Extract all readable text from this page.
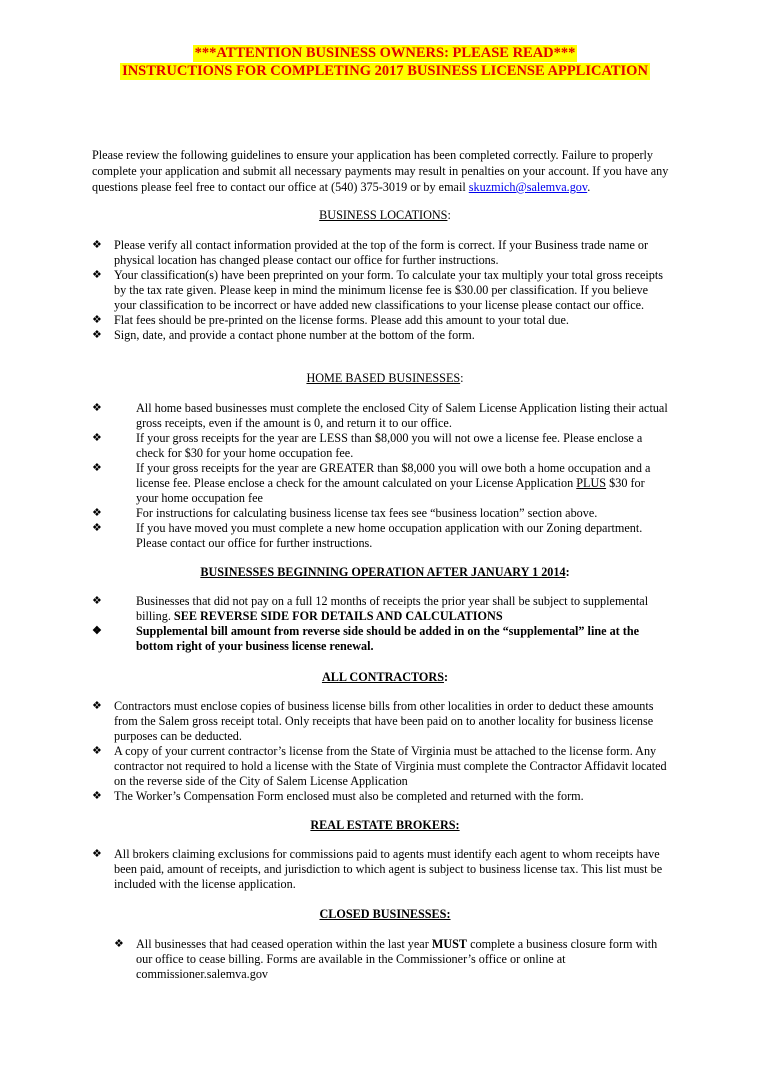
***ATTENTION BUSINESS OWNERS: PLEASE READ***
INSTRUCTIONS FOR COMPLETING 2017 BUSINESS LICENSE APPLICATION
Please review the following guidelines to ensure your application has been completed correctly. Failure to properly complete your application and submit all necessary payments may result in penalties on your account. If you have any questions please feel free to contact our office at (540) 375-3019 or by email skuzmich@salemva.gov.
BUSINESS LOCATIONS:
❖ Please verify all contact information provided at the top of the form is correct. If your Business trade name or physical location has changed please contact our office for further instructions.
❖ Your classification(s) have been preprinted on your form. To calculate your tax multiply your total gross receipts by the tax rate given. Please keep in mind the minimum license fee is $30.00 per classification. If you believe your classification to be incorrect or have added new classifications to your license please contact our office.
❖ Flat fees should be pre-printed on the license forms. Please add this amount to your total due.
❖ Sign, date, and provide a contact phone number at the bottom of the form.
HOME BASED BUSINESSES:
❖	All home based businesses must complete the enclosed City of Salem License Application listing their actual gross receipts, even if the amount is 0, and return it to our office.
❖	If your gross receipts for the year are LESS than $8,000 you will not owe a license fee. Please enclose a check for $30 for your home occupation fee.
❖	If your gross receipts for the year are GREATER than $8,000 you will owe both a home occupation and a license fee. Please enclose a check for the amount calculated on your License Application PLUS $30 for your home occupation fee
❖	For instructions for calculating business license tax fees see “business location” section above.
❖	If you have moved you must complete a new home occupation application with our Zoning department. Please contact our office for further instructions.
BUSINESSES BEGINNING OPERATION AFTER JANUARY 1 2014:
❖	Businesses that did not pay on a full 12 months of receipts the prior year shall be subject to supplemental billing. SEE REVERSE SIDE FOR DETAILS AND CALCULATIONS
❖	Supplemental bill amount from reverse side should be added in on the “supplemental” line at the bottom right of your business license renewal.
ALL CONTRACTORS:
❖ Contractors must enclose copies of business license bills from other localities in order to deduct these amounts from the Salem gross receipt total. Only receipts that have been paid on to another locality for business license purposes can be deducted.
❖ A copy of your current contractor’s license from the State of Virginia must be attached to the license form. Any contractor not required to hold a license with the State of Virginia must complete the Contractor Affidavit located on the reverse side of the City of Salem License Application
❖ The Worker’s Compensation Form enclosed must also be completed and returned with the form.
REAL ESTATE BROKERS:
❖ All brokers claiming exclusions for commissions paid to agents must identify each agent to whom receipts have been paid, amount of receipts, and jurisdiction to which agent is subject to business license tax. This list must be included with the license application.
CLOSED BUSINESSES:
❖ All businesses that had ceased operation within the last year MUST complete a business closure form with our office to cease billing. Forms are available in the Commissioner’s office or online at commissioner.salemva.gov
